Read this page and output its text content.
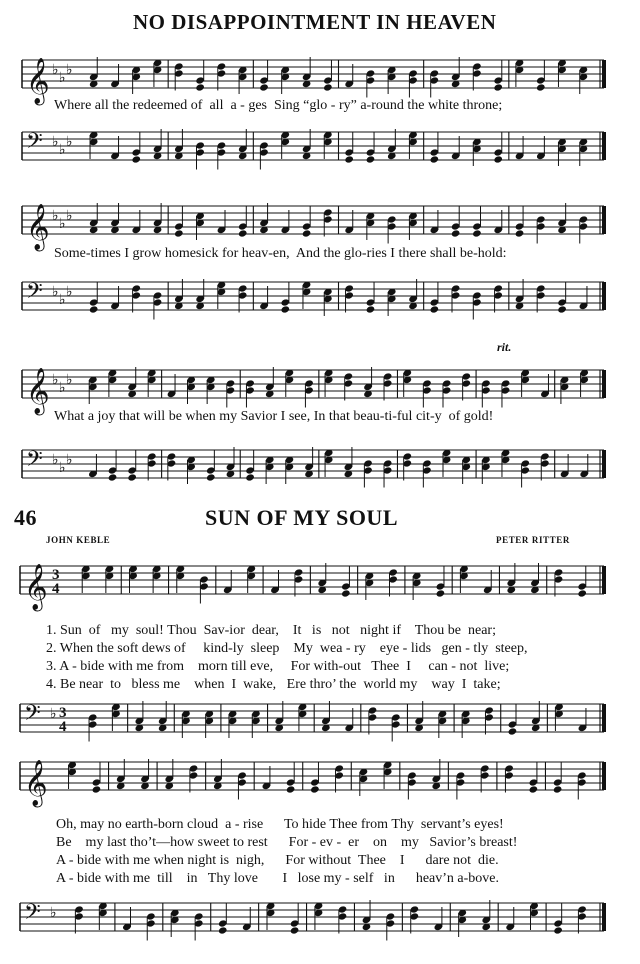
NO DISAPPOINTMENT IN HEAVEN
𝄞 ♭ ♭ ♭
Where all the redeemed of  all  a - ges  Sing “glo - ry” a-round the white throne;
𝄢 ♭ ♭ ♭
𝄞 ♭ ♭ ♭
Some-times I grow homesick for heav-en,  And the glo-ries I there shall be-hold:
𝄢 ♭ ♭ ♭
rit.
𝄞 ♭ ♭ ♭
What a joy that will be when my Savior I see, In that beau-ti-ful cit-y  of gold!
𝄢 ♭ ♭ ♭
46	SUN OF MY SOUL
JOHN KEBLE	PETER RITTER
𝄞 3
4
1. Sun  of   my  soul! Thou  Sav-ior  dear,    It   is   not   night if    Thou be  near;
2. When the soft dews of     kind-ly  sleep    My  wea - ry    eye - lids   gen - tly  steep,
3. A - bide with me from    morn till eve,     For with-out   Thee  I     can - not  live;
4. Be near  to   bless me    when  I  wake,   Ere thro’ the  world my    way  I  take;
𝄢 ♭ 3
4
𝄞
Oh, may no earth-born cloud  a - rise      To hide Thee from Thy  servant’s eyes!
Be    my last tho’t—how sweet to rest      For - ev -  er    on    my   Savior’s breast!
A - bide with me when night is  nigh,      For without  Thee    I      dare not  die.
A - bide with me  till    in   Thy love       I   lose my - self   in      heav’n a-bove.
𝄢 ♭
